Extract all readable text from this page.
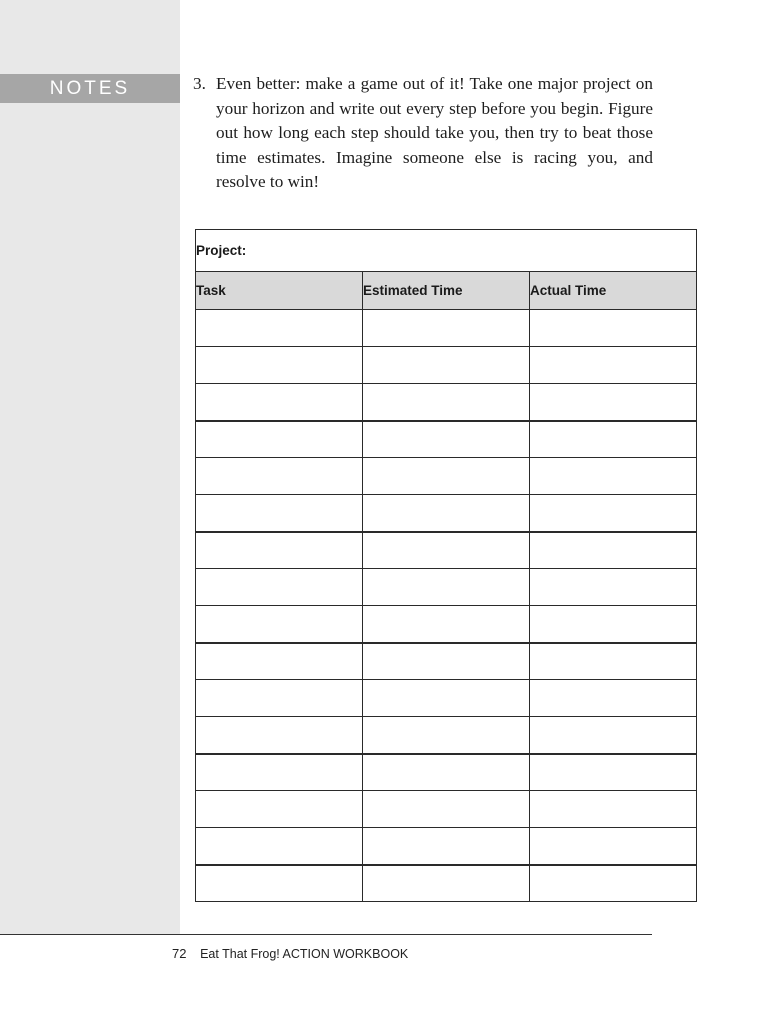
NOTES	3. Even better: make a game out of it! Take one major project on your horizon and write out every step before you begin. Figure out how long each step should take you, then try to beat those time estimates. Imagine someone else is racing you, and resolve to win!
Project:		
Task	Estimated Time	Actual Time

72 Eat That Frog! ACTION WORKBOOK
